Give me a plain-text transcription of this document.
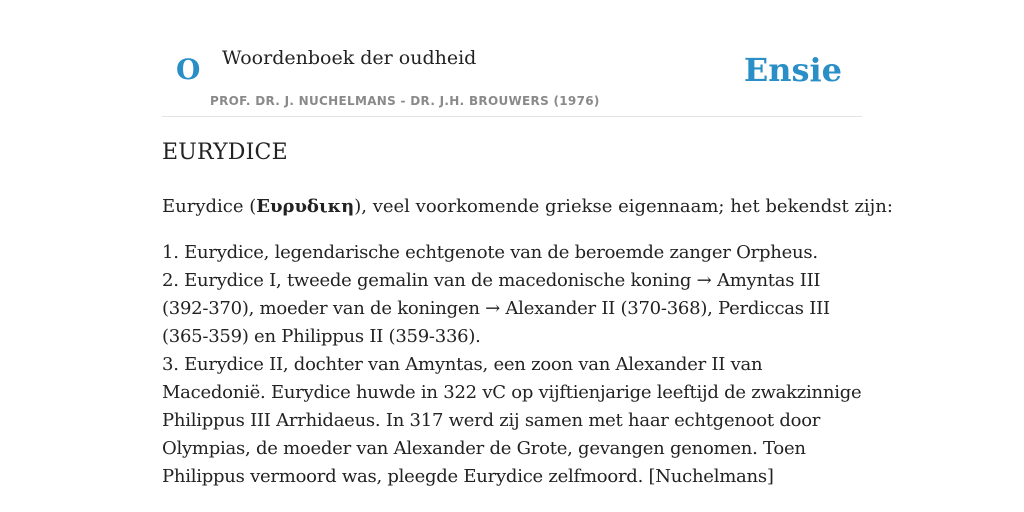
O Woordenboek der oudheid
PROF. DR. J. NUCHELMANS - DR. J.H. BROUWERS (1976)
Ensie
EURYDICE
Eurydice (Ευρυδικη), veel voorkomende griekse eigennaam; het bekendst zijn:

1. Eurydice, legendarische echtgenote van de beroemde zanger Orpheus.

2. Eurydice I, tweede gemalin van de macedonische koning → Amyntas III (392-370), moeder van de koningen → Alexander II (370-368), Perdiccas III (365-359) en Philippus II (359-336).

3. Eurydice II, dochter van Amyntas, een zoon van Alexander II van Macedonië. Eurydice huwde in 322 vC op vijftienjarige leeftijd de zwakzinnige Philippus III Arrhidaeus. In 317 werd zij samen met haar echtgenoot door Olympias, de moeder van Alexander de Grote, gevangen genomen. Toen Philippus vermoord was, pleegde Eurydice zelfmoord. [Nuchelmans]
